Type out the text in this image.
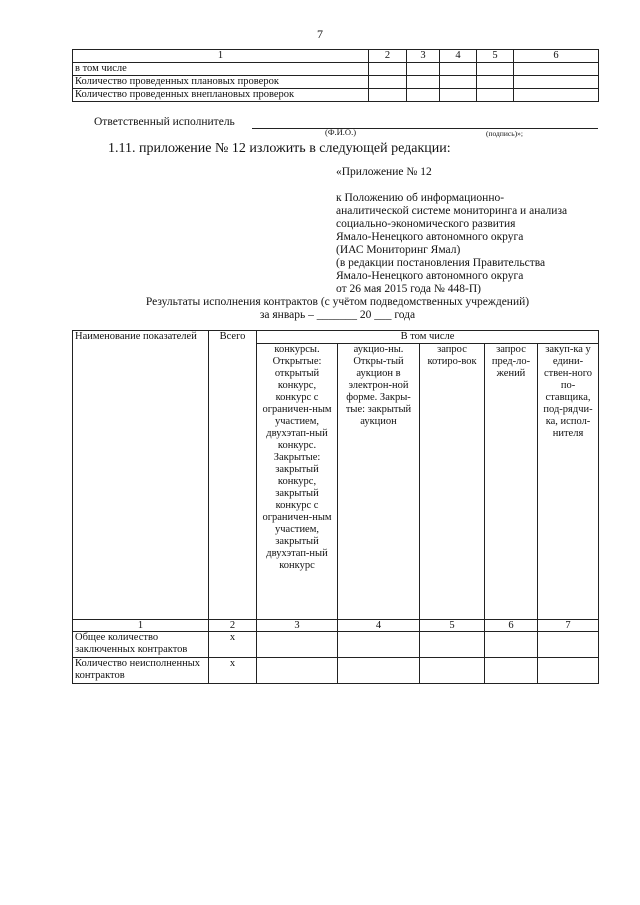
7
1	2	3	4	5	6
в том числе					
Количество проведенных плановых проверок					
Количество проведенных внеплановых проверок					
Ответственный исполнитель
(Ф.И.О.)	(подпись)»;
1.11. приложение № 12 изложить в следующей редакции:
«Приложение № 12

к Положению об информационно-
аналитической системе мониторинга и анализа
социально-экономического развития
Ямало-Ненецкого автономного округа
(ИАС Мониторинг Ямал)
(в редакции постановления Правительства
Ямало-Ненецкого автономного округа
от 26 мая 2015 года № 448-П)
Результаты исполнения контрактов (с учётом подведомственных учреждений)
за январь – _______ 20 ___ года
Наименование показателей	Всего	В том числе				
		конкурсы. Открытые: открытый конкурс, конкурс с ограничен-ным участием, двухэтап-ный конкурс. Закрытые: закрытый конкурс, закрытый конкурс с ограничен-ным участием, закрытый двухэтап-ный конкурс	аукцио-ны. Откры-тый аукцион в электрон-ной форме. Закры-тые: закрытый аукцион	запрос котиро-вок	запрос пред-ло-жений	закуп-ка у едини-ствен-ного по-ставщика, под-рядчи-ка, испол-нителя
1	2	3	4	5	6	7
Общее количество заключенных контрактов	x					
Количество неисполненных контрактов	x					
